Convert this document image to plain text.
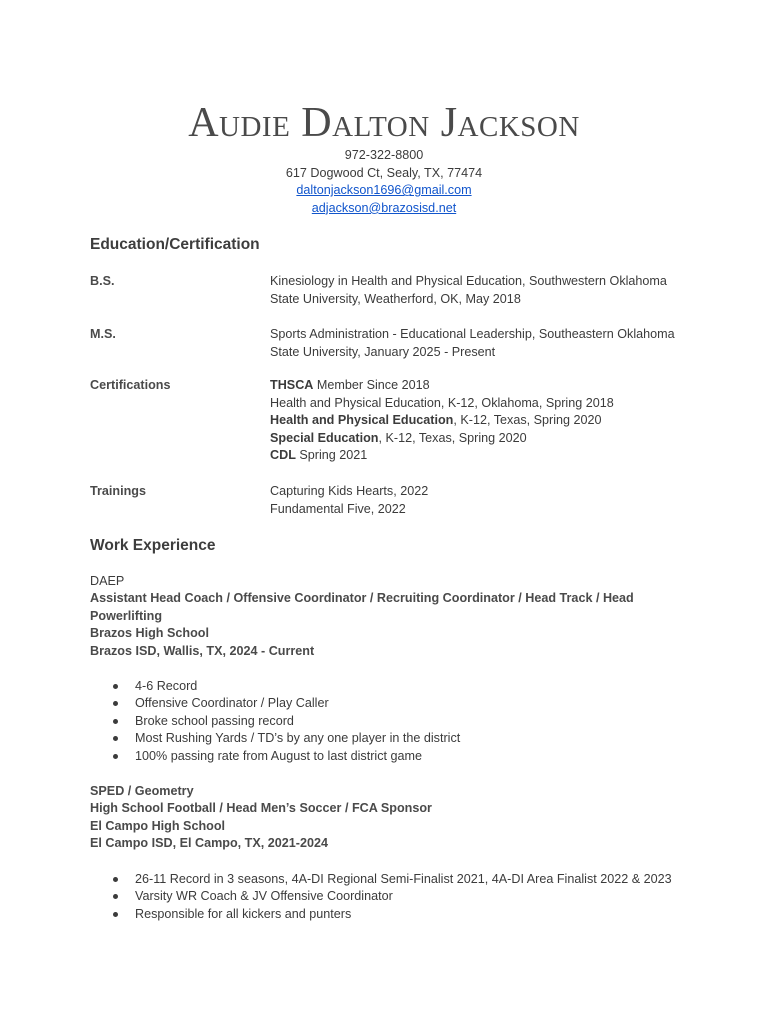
Audie Dalton Jackson
972-322-8800
617 Dogwood Ct, Sealy, TX, 77474
daltonjackson1696@gmail.com
adjackson@brazosisd.net
Education/Certification
B.S.	Kinesiology in Health and Physical Education, Southwestern Oklahoma
State University, Weatherford, OK, May 2018
M.S.	Sports Administration - Educational Leadership, Southeastern Oklahoma
State University, January 2025 - Present
Certifications	THSCA Member Since 2018
Health and Physical Education, K-12, Oklahoma, Spring 2018
Health and Physical Education, K-12, Texas, Spring 2020
Special Education, K-12, Texas, Spring 2020
CDL Spring 2021
Trainings	Capturing Kids Hearts, 2022
Fundamental Five, 2022
Work Experience
DAEP
Assistant Head Coach / Offensive Coordinator / Recruiting Coordinator / Head Track / Head
Powerlifting
Brazos High School
Brazos ISD, Wallis, TX, 2024 - Current
4-6 Record
Offensive Coordinator / Play Caller
Broke school passing record
Most Rushing Yards / TD’s by any one player in the district
100% passing rate from August to last district game
SPED / Geometry
High School Football / Head Men’s Soccer / FCA Sponsor
El Campo High School
El Campo ISD, El Campo, TX, 2021-2024
26-11 Record in 3 seasons, 4A-DI Regional Semi-Finalist 2021, 4A-DI Area Finalist 2022 & 2023
Varsity WR Coach & JV Offensive Coordinator
Responsible for all kickers and punters
